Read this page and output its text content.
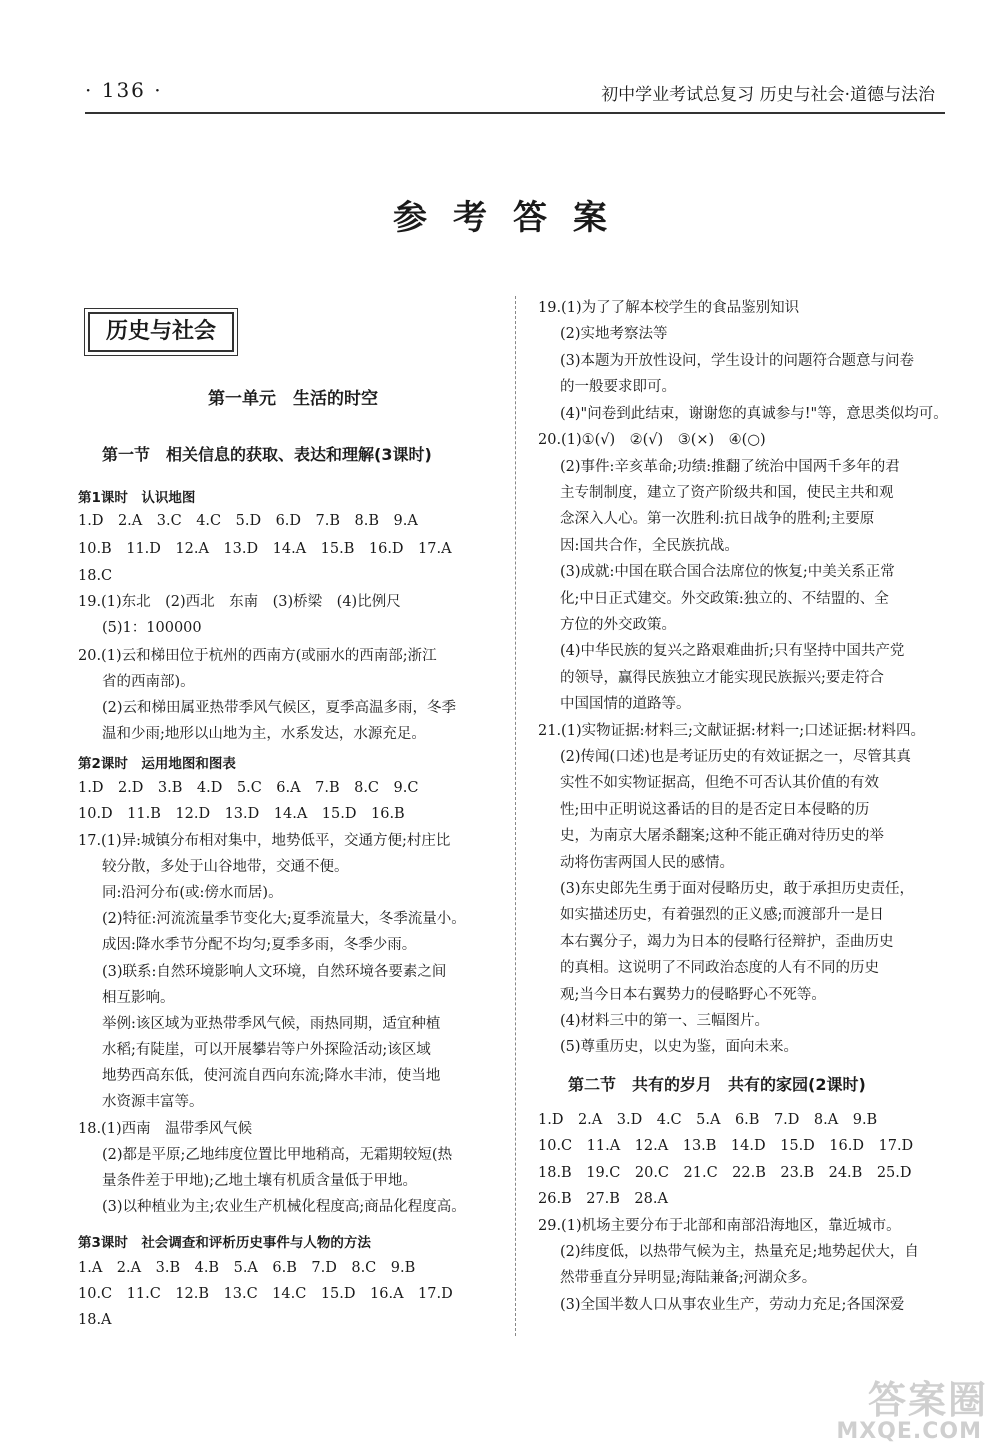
· 136 ·	初中学业考试总复习 历史与社会·道德与法治
参考答案
历史与社会
第一单元　生活的时空
第一节　相关信息的获取、表达和理解(3课时)
第1课时　认识地图
1.D　2.A　3.C　4.C　5.D　6.D　7.B　8.B　9.A
10.B　11.D　12.A　13.D　14.A　15.B　16.D　17.A
18.C
19.(1)东北　(2)西北　东南　(3)桥梁　(4)比例尺
(5)1：100000
20.(1)云和梯田位于杭州的西南方(或丽水的西南部;浙江
省的西南部)。
(2)云和梯田属亚热带季风气候区，夏季高温多雨，冬季
温和少雨;地形以山地为主，水系发达，水源充足。
第2课时　运用地图和图表
1.D　2.D　3.B　4.D　5.C　6.A　7.B　8.C　9.C
10.D　11.B　12.D　13.D　14.A　15.D　16.B
17.(1)异:城镇分布相对集中，地势低平，交通方便;村庄比
较分散，多处于山谷地带，交通不便。
同:沿河分布(或:傍水而居)。
(2)特征:河流流量季节变化大;夏季流量大，冬季流量小。
成因:降水季节分配不均匀;夏季多雨，冬季少雨。
(3)联系:自然环境影响人文环境，自然环境各要素之间
相互影响。
举例:该区域为亚热带季风气候，雨热同期，适宜种植
水稻;有陡崖，可以开展攀岩等户外探险活动;该区域
地势西高东低，使河流自西向东流;降水丰沛，使当地
水资源丰富等。
18.(1)西南　温带季风气候
(2)都是平原;乙地纬度位置比甲地稍高，无霜期较短(热
量条件差于甲地);乙地土壤有机质含量低于甲地。
(3)以种植业为主;农业生产机械化程度高;商品化程度高。
第3课时　社会调查和评析历史事件与人物的方法
1.A　2.A　3.B　4.B　5.A　6.B　7.D　8.C　9.B
10.C　11.C　12.B　13.C　14.C　15.D　16.A　17.D
18.A
19.(1)为了了解本校学生的食品鉴别知识
(2)实地考察法等
(3)本题为开放性设问，学生设计的问题符合题意与问卷
的一般要求即可。
(4)"问卷到此结束，谢谢您的真诚参与!"等，意思类似均可。
20.(1)①(√)　②(√)　③(×)　④(○)
(2)事件:辛亥革命;功绩:推翻了统治中国两千多年的君
主专制制度，建立了资产阶级共和国，使民主共和观
念深入人心。第一次胜利:抗日战争的胜利;主要原
因:国共合作，全民族抗战。
(3)成就:中国在联合国合法席位的恢复;中美关系正常
化;中日正式建交。外交政策:独立的、不结盟的、全
方位的外交政策。
(4)中华民族的复兴之路艰难曲折;只有坚持中国共产党
的领导，赢得民族独立才能实现民族振兴;要走符合
中国国情的道路等。
21.(1)实物证据:材料三;文献证据:材料一;口述证据:材料四。
(2)传闻(口述)也是考证历史的有效证据之一，尽管其真
实性不如实物证据高，但绝不可否认其价值的有效
性;田中正明说这番话的目的是否定日本侵略的历
史，为南京大屠杀翻案;这种不能正确对待历史的举
动将伤害两国人民的感情。
(3)东史郎先生勇于面对侵略历史，敢于承担历史责任，
如实描述历史，有着强烈的正义感;而渡部升一是日
本右翼分子，竭力为日本的侵略行径辩护，歪曲历史
的真相。这说明了不同政治态度的人有不同的历史
观;当今日本右翼势力的侵略野心不死等。
(4)材料三中的第一、三幅图片。
(5)尊重历史，以史为鉴，面向未来。
第二节　共有的岁月　共有的家园(2课时)
1.D　2.A　3.D　4.C　5.A　6.B　7.D　8.A　9.B
10.C　11.A　12.A　13.B　14.D　15.D　16.D　17.D
18.B　19.C　20.C　21.C　22.B　23.B　24.B　25.D
26.B　27.B　28.A
29.(1)机场主要分布于北部和南部沿海地区，靠近城市。
(2)纬度低，以热带气候为主，热量充足;地势起伏大，自
然带垂直分异明显;海陆兼备;河湖众多。
(3)全国半数人口从事农业生产，劳动力充足;各国深爱
答案圈
MXQE.COM
